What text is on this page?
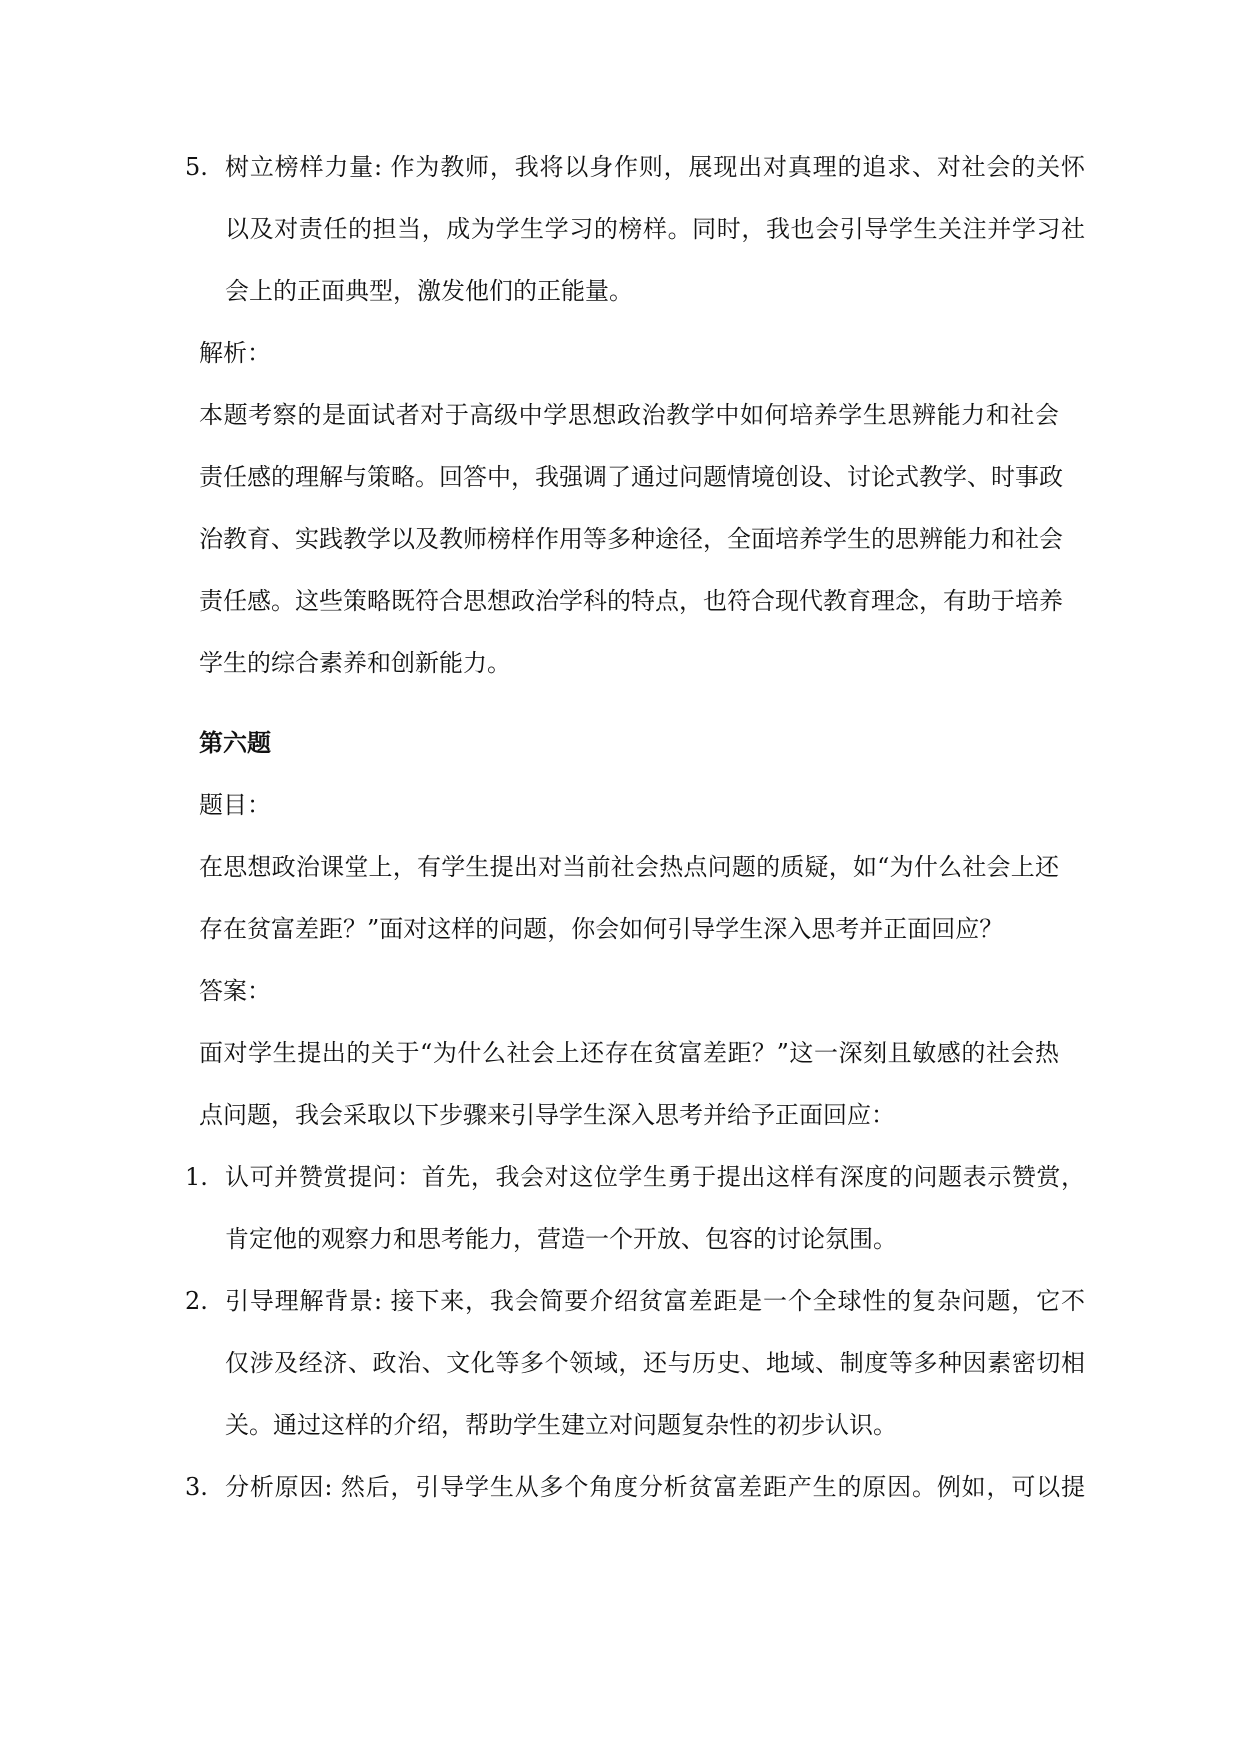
5. 树立榜样力量: 作为教师，我将以身作则，展现出对真理的追求、对社会的关怀
以及对责任的担当，成为学生学习的榜样。同时，我也会引导学生关注并学习社
会上的正面典型，激发他们的正能量。
解析：
本题考察的是面试者对于高级中学思想政治教学中如何培养学生思辨能力和社会
责任感的理解与策略。回答中，我强调了通过问题情境创设、讨论式教学、时事政
治教育、实践教学以及教师榜样作用等多种途径，全面培养学生的思辨能力和社会
责任感。这些策略既符合思想政治学科的特点，也符合现代教育理念，有助于培养
学生的综合素养和创新能力。
第六题
题目：
在思想政治课堂上，有学生提出对当前社会热点问题的质疑，如“为什么社会上还
存在贫富差距？”面对这样的问题，你会如何引导学生深入思考并正面回应？
答案：
面对学生提出的关于“为什么社会上还存在贫富差距？”这一深刻且敏感的社会热
点问题，我会采取以下步骤来引导学生深入思考并给予正面回应：
1. 认可并赞赏提问：首先，我会对这位学生勇于提出这样有深度的问题表示赞赏，
肯定他的观察力和思考能力，营造一个开放、包容的讨论氛围。
2. 引导理解背景: 接下来，我会简要介绍贫富差距是一个全球性的复杂问题，它不
仅涉及经济、政治、文化等多个领域，还与历史、地域、制度等多种因素密切相
关。通过这样的介绍，帮助学生建立对问题复杂性的初步认识。
3. 分析原因: 然后，引导学生从多个角度分析贫富差距产生的原因。例如，可以提
